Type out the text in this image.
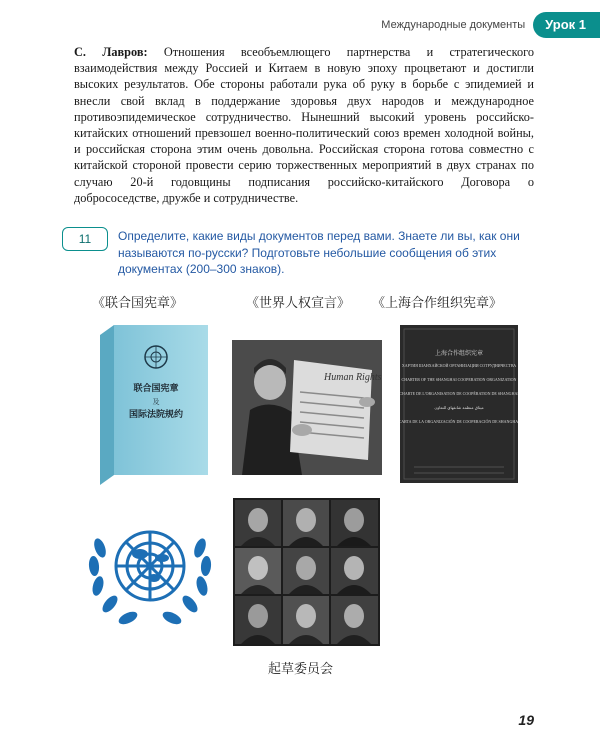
Международные документы	Урок 1
С. Лавров: Отношения всеобъемлющего партнерства и стратегического взаимодействия между Россией и Китаем в новую эпоху процветают и достигли высоких результатов. Обе стороны работали рука об руку в борьбе с эпидемией и внесли свой вклад в поддержание здоровья двух народов и международное противоэпидемическое сотрудничество. Нынешний высокий уровень российско-китайских отношений превзошел военно-политический союз времен холодной войны, и российская сторона этим очень довольна. Российская сторона готова совместно с китайской стороной провести серию торжественных мероприятий в двух странах по случаю 20-й годовщины подписания российско-китайского Договора о добрососедстве, дружбе и сотрудничестве.
11	Определите, какие виды документов перед вами. Знаете ли вы, как они называются по-русски? Подготовьте небольшие сообщения об этих документах (200–300 знаков).
《联合国宪章》	《世界人权宣言》 《上海合作组织宪章》
联合国宪章
及
国际法院规约
Human Rights
上海合作组织宪章
ХАРТИЯ ШАНХАЙСКОЙ ОРГАНИЗАЦИИ СОТРУДНИЧЕСТВА
CHARTER OF THE SHANGHAI COOPERATION ORGANIZATION
CHARTE DE L'ORGANISATION DE COOPÉRATION DE SHANGHAI
ميثاق منظمة شانغهاي للتعاون
CARTA DE LA ORGANIZACIÓN DE COOPERACIÓN DE SHANGHAI
起草委员会
19
